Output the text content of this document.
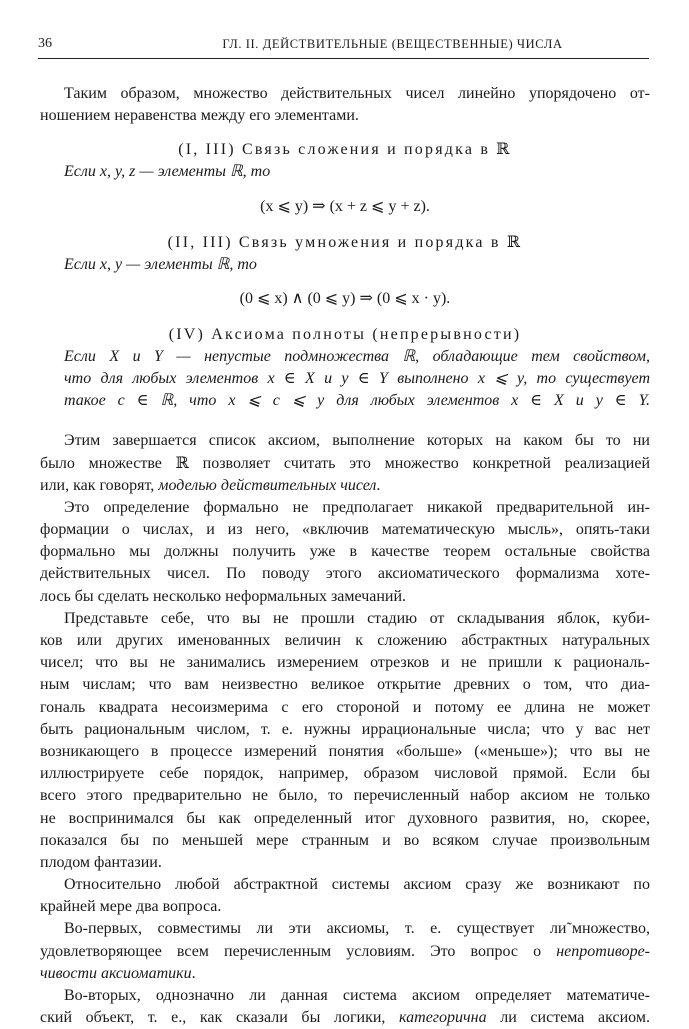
36	ГЛ. II. ДЕЙСТВИТЕЛЬНЫЕ (ВЕЩЕСТВЕННЫЕ) ЧИСЛА
Таким образом, множество действительных чисел линейно упорядочено от-
ношением неравенства между его элементами.
(I, III) Связь сложения и порядка в ℝ
Если x, y, z — элементы ℝ, то
(x ⩽ y) ⇒ (x + z ⩽ y + z).
(II, III) Связь умножения и порядка в ℝ
Если x, y — элементы ℝ, то
(0 ⩽ x) ∧ (0 ⩽ y) ⇒ (0 ⩽ x · y).
(IV) Аксиома полноты (непрерывности)
Если X и Y — непустые подмножества ℝ, обладающие тем свойством,
что для любых элементов x ∈ X и y ∈ Y выполнено x ⩽ y, то существует
такое c ∈ ℝ, что x ⩽ c ⩽ y для любых элементов x ∈ X и y ∈ Y.
Этим завершается список аксиом, выполнение которых на каком бы то ни
было множестве ℝ позволяет считать это множество конкретной реализацией
или, как говорят, моделью действительных чисел.
Это определение формально не предполагает никакой предварительной ин-
формации о числах, и из него, «включив математическую мысль», опять-таки
формально мы должны получить уже в качестве теорем остальные свойства
действительных чисел. По поводу этого аксиоматического формализма хоте-
лось бы сделать несколько неформальных замечаний.
Представьте себе, что вы не прошли стадию от складывания яблок, куби-
ков или других именованных величин к сложению абстрактных натуральных
чисел; что вы не занимались измерением отрезков и не пришли к рациональ-
ным числам; что вам неизвестно великое открытие древних о том, что диа-
гональ квадрата несоизмерима с его стороной и потому ее длина не может
быть рациональным числом, т. е. нужны иррациональные числа; что у вас нет
возникающего в процессе измерений понятия «больше» («меньше»); что вы не
иллюстрируете себе порядок, например, образом числовой прямой. Если бы
всего этого предварительно не было, то перечисленный набор аксиом не только
не воспринимался бы как определенный итог духовного развития, но, скорее,
показался бы по меньшей мере странным и во всяком случае произвольным
плодом фантазии.
Относительно любой абстрактной системы аксиом сразу же возникают по
крайней мере два вопроса.
Во-первых, совместимы ли эти аксиомы, т. е. существует ли˜множество,
удовлетворяющее всем перечисленным условиям. Это вопрос о непротиворе-
чивости аксиоматики.
Во-вторых, однозначно ли данная система аксиом определяет математиче-
ский объект, т. е., как сказали бы логики, категорична ли система аксиом.
